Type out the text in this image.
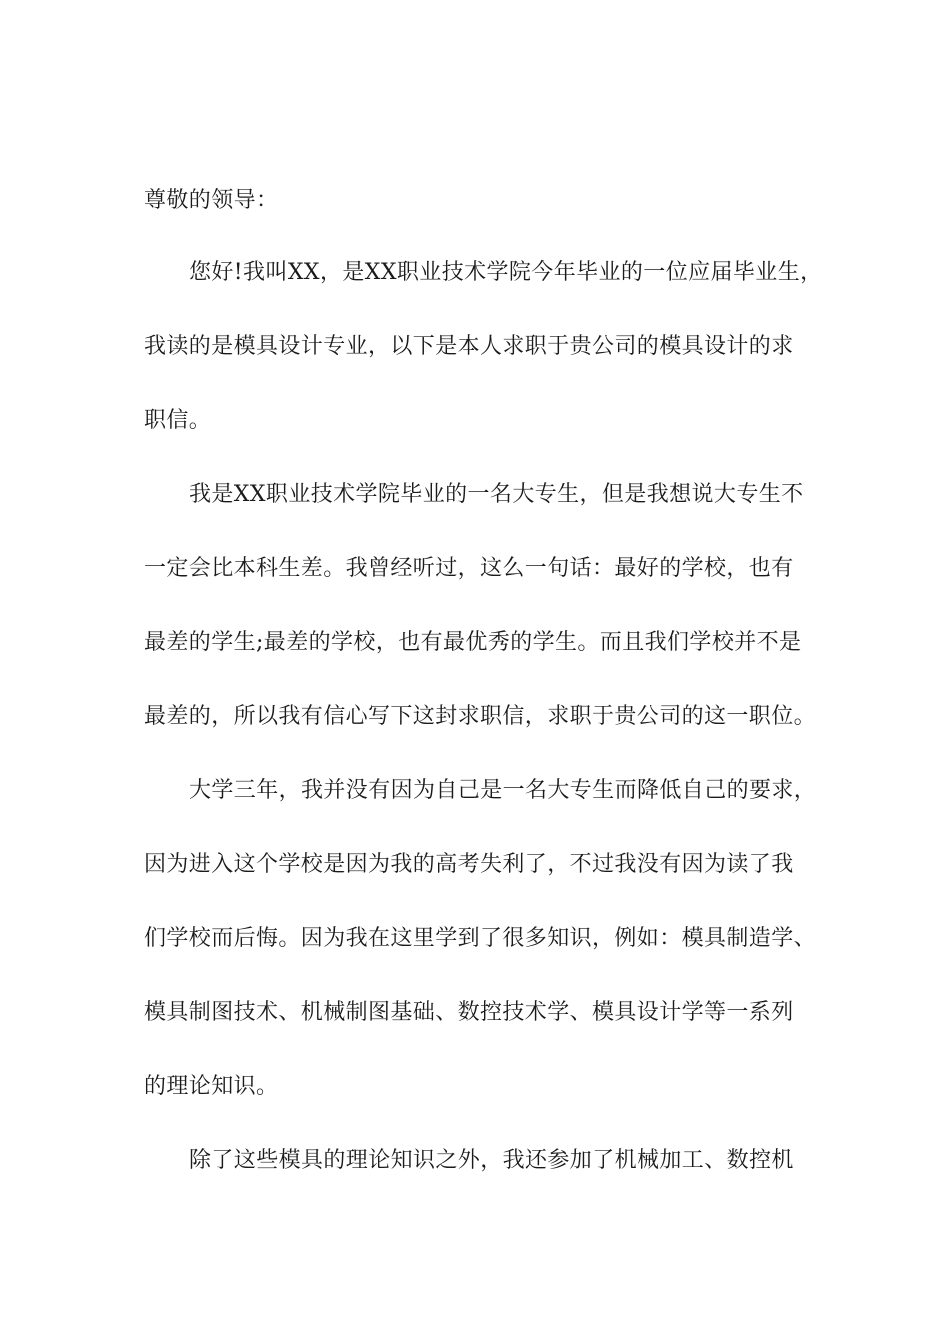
尊敬的领导：
您好!我叫XX，是XX职业技术学院今年毕业的一位应届毕业生，
我读的是模具设计专业，以下是本人求职于贵公司的模具设计的求
职信。
我是XX职业技术学院毕业的一名大专生，但是我想说大专生不
一定会比本科生差。我曾经听过，这么一句话：最好的学校，也有
最差的学生;最差的学校，也有最优秀的学生。而且我们学校并不是
最差的，所以我有信心写下这封求职信，求职于贵公司的这一职位。
大学三年，我并没有因为自己是一名大专生而降低自己的要求，
因为进入这个学校是因为我的高考失利了，不过我没有因为读了我
们学校而后悔。因为我在这里学到了很多知识，例如：模具制造学、
模具制图技术、机械制图基础、数控技术学、模具设计学等一系列
的理论知识。
除了这些模具的理论知识之外，我还参加了机械加工、数控机
